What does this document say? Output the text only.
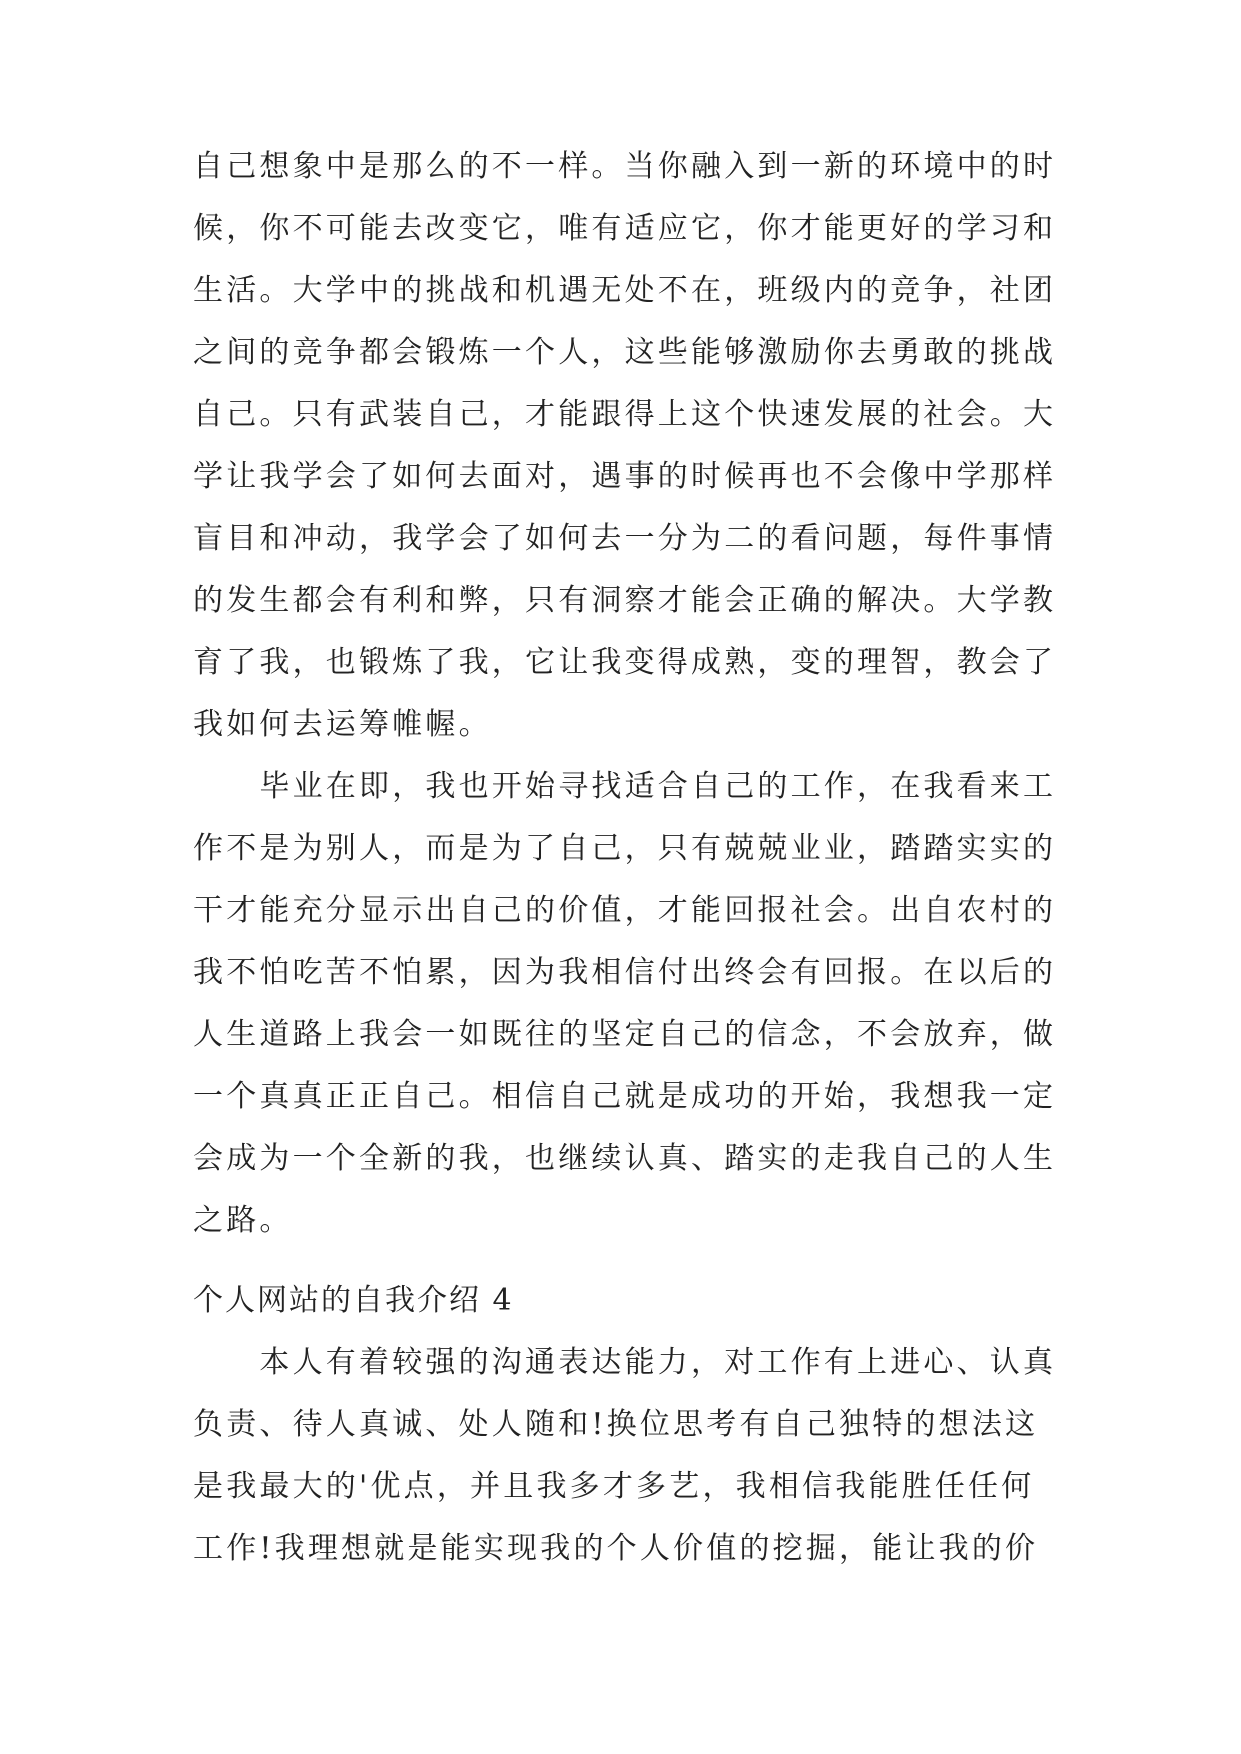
自己想象中是那么的不一样。当你融入到一新的环境中的时
候，你不可能去改变它，唯有适应它，你才能更好的学习和
生活。大学中的挑战和机遇无处不在，班级内的竞争，社团
之间的竞争都会锻炼一个人，这些能够激励你去勇敢的挑战
自己。只有武装自己，才能跟得上这个快速发展的社会。大
学让我学会了如何去面对，遇事的时候再也不会像中学那样
盲目和冲动，我学会了如何去一分为二的看问题，每件事情
的发生都会有利和弊，只有洞察才能会正确的解决。大学教
育了我，也锻炼了我，它让我变得成熟，变的理智，教会了
我如何去运筹帷幄。
　　毕业在即，我也开始寻找适合自己的工作，在我看来工
作不是为别人，而是为了自己，只有兢兢业业，踏踏实实的
干才能充分显示出自己的价值，才能回报社会。出自农村的
我不怕吃苦不怕累，因为我相信付出终会有回报。在以后的
人生道路上我会一如既往的坚定自己的信念，不会放弃，做
一个真真正正自己。相信自己就是成功的开始，我想我一定
会成为一个全新的我，也继续认真、踏实的走我自己的人生
之路。
个人网站的自我介绍 4
　　本人有着较强的沟通表达能力，对工作有上进心、认真
负责、待人真诚、处人随和!换位思考有自己独特的想法这
是我最大的'优点，并且我多才多艺，我相信我能胜任任何
工作!我理想就是能实现我的个人价值的挖掘，能让我的价
